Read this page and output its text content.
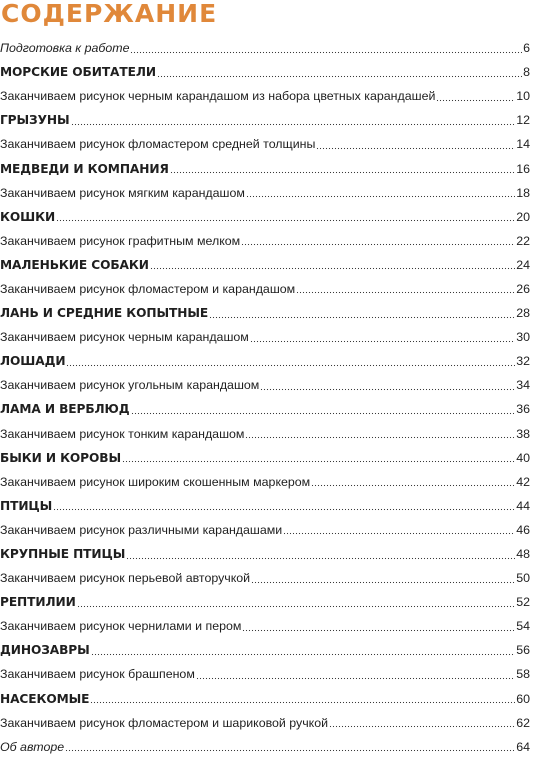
СОДЕРЖАНИЕ
Подготовка к работе	6
МОРСКИЕ ОБИТАТЕЛИ	8
Заканчиваем рисунок черным карандашом из набора цветных карандашей	10
ГРЫЗУНЫ	12
Заканчиваем рисунок фломастером средней толщины	14
МЕДВЕДИ И КОМПАНИЯ	16
Заканчиваем рисунок мягким карандашом	18
КОШКИ	20
Заканчиваем рисунок графитным мелком	22
МАЛЕНЬКИЕ СОБАКИ	24
Заканчиваем рисунок фломастером и карандашом	26
ЛАНЬ И СРЕДНИЕ КОПЫТНЫЕ	28
Заканчиваем рисунок черным карандашом	30
ЛОШАДИ	32
Заканчиваем рисунок угольным карандашом	34
ЛАМА И ВЕРБЛЮД	36
Заканчиваем рисунок тонким карандашом	38
БЫКИ И КОРОВЫ	40
Заканчиваем рисунок широким скошенным маркером	42
ПТИЦЫ	44
Заканчиваем рисунок различными карандашами	46
КРУПНЫЕ ПТИЦЫ	48
Заканчиваем рисунок перьевой авторучкой	50
РЕПТИЛИИ	52
Заканчиваем рисунок чернилами и пером	54
ДИНОЗАВРЫ	56
Заканчиваем рисунок брашпеном	58
НАСЕКОМЫЕ	60
Заканчиваем рисунок фломастером и шариковой ручкой	62
Об авторе	64
